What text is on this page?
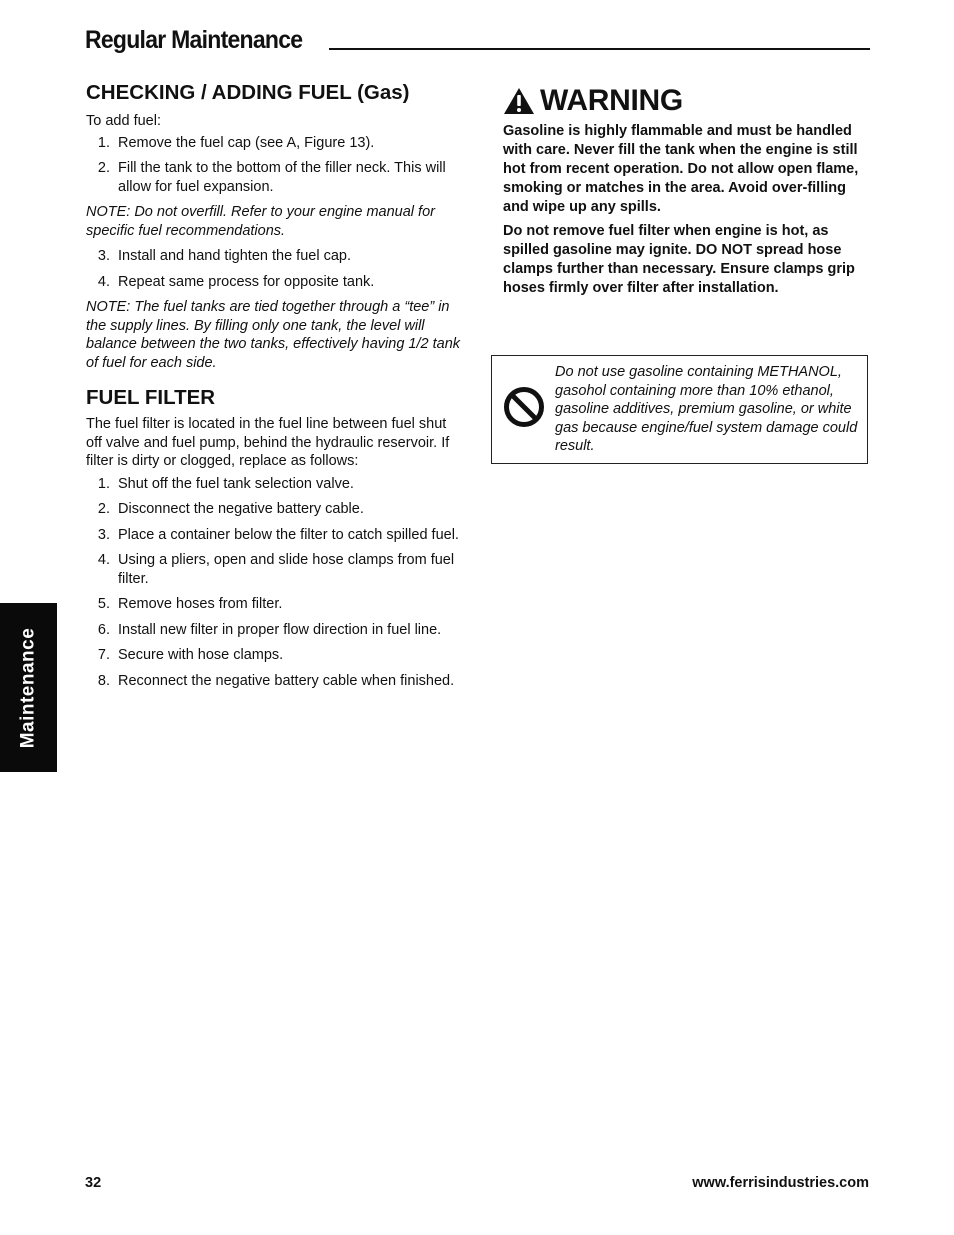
Regular Maintenance
Maintenance
CHECKING / ADDING FUEL (Gas)

To add fuel:

1. Remove the fuel cap (see A, Figure 13).
2. Fill the tank to the bottom of the filler neck. This will allow for fuel expansion.

NOTE: Do not overfill. Refer to your engine manual for specific fuel recommendations.

3. Install and hand tighten the fuel cap.
4. Repeat same process for opposite tank.

NOTE: The fuel tanks are tied together through a “tee” in the supply lines. By filling only one tank, the level will balance between the two tanks, effectively having 1/2 tank of fuel for each side.

FUEL FILTER

The fuel filter is located in the fuel line between fuel shut off valve and fuel pump, behind the hydraulic reservoir. If filter is dirty or clogged, replace as follows:

1. Shut off the fuel tank selection valve.
2. Disconnect the negative battery cable.
3. Place a container below the filter to catch spilled fuel.
4. Using a pliers, open and slide hose clamps from fuel filter.
5. Remove hoses from filter.
6. Install new filter in proper flow direction in fuel line.
7. Secure with hose clamps.
8. Reconnect the negative battery cable when finished.
WARNING

Gasoline is highly flammable and must be handled with care. Never fill the tank when the engine is still hot from recent operation. Do not allow open flame, smoking or matches in the area. Avoid over-filling and wipe up any spills.

Do not remove fuel filter when engine is hot, as spilled gasoline may ignite. DO NOT spread hose clamps further than necessary. Ensure clamps grip hoses firmly over filter after installation.

Do not use gasoline containing METHANOL, gasohol containing more than 10% ethanol, gasoline additives, premium gasoline, or white gas because engine/fuel system damage could result.

32	www.ferrisindustries.com
